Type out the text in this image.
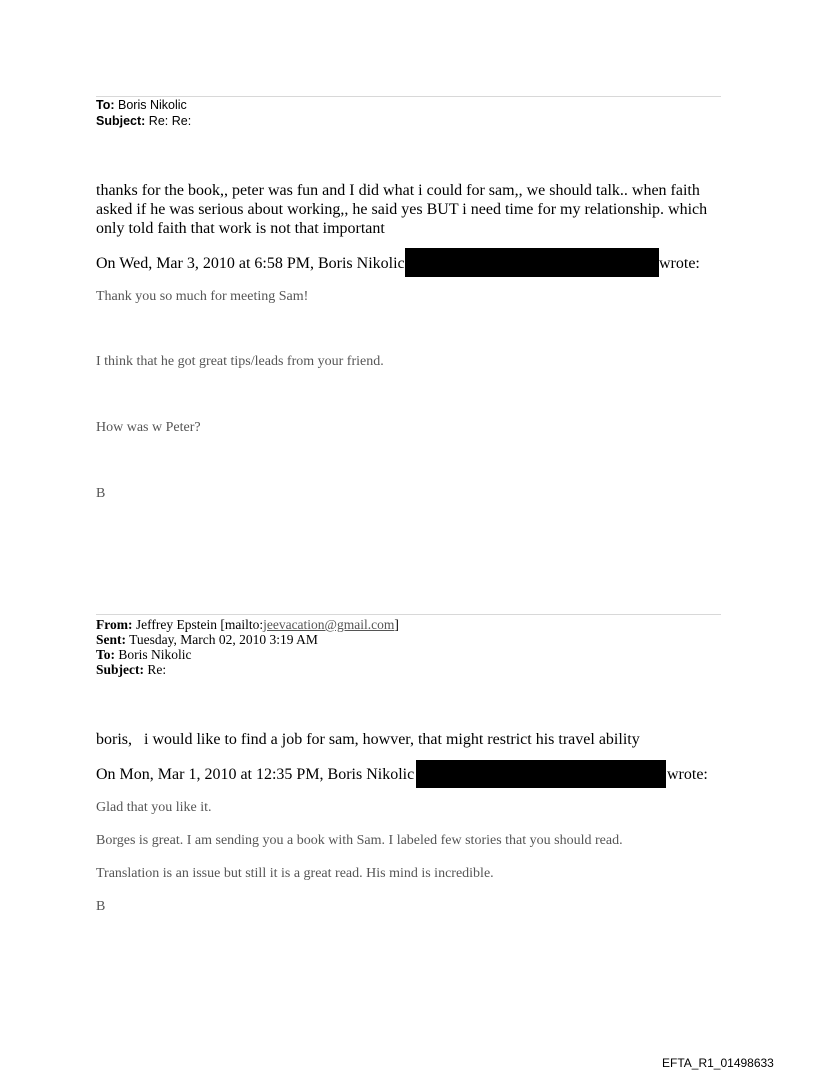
To: Boris Nikolic
Subject: Re: Re:
thanks for the book,, peter was fun and I did what i could for sam,, we should talk.. when faith
asked if he was serious about working,, he said yes BUT i need time for my relationship. which
only told faith that work is not that important
On Wed, Mar 3, 2010 at 6:58 PM, Boris Nikolic	wrote:
Thank you so much for meeting Sam!
I think that he got great tips/leads from your friend.
How was w Peter?
B
From: Jeffrey Epstein [mailto:jeevacation@gmail.com]
Sent: Tuesday, March 02, 2010 3:19 AM
To: Boris Nikolic
Subject: Re:
boris,   i would like to find a job for sam, howver, that might restrict his travel ability
On Mon, Mar 1, 2010 at 12:35 PM, Boris Nikolic	wrote:
Glad that you like it.
Borges is great. I am sending you a book with Sam. I labeled few stories that you should read.
Translation is an issue but still it is a great read. His mind is incredible.
B
EFTA_R1_01498633
